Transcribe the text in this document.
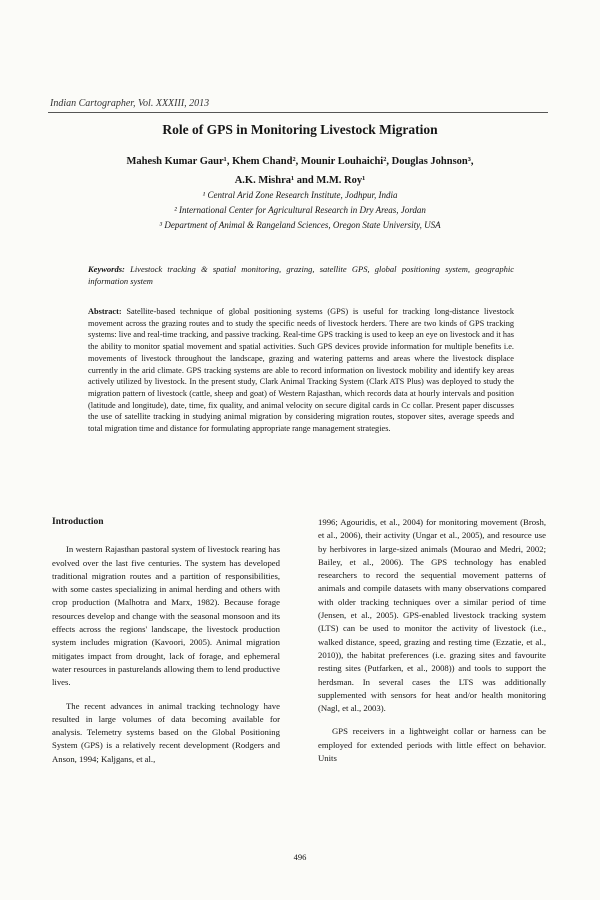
Indian Cartographer, Vol. XXXIII, 2013
Role of GPS in Monitoring Livestock Migration
Mahesh Kumar Gaur¹, Khem Chand², Mounir Louhaichi², Douglas Johnson³,
A.K. Mishra¹ and M.M. Roy¹
¹ Central Arid Zone Research Institute, Jodhpur, India
² International Center for Agricultural Research in Dry Areas, Jordan
³ Department of Animal & Rangeland Sciences, Oregon State University, USA
Keywords: Livestock tracking & spatial monitoring, grazing, satellite GPS, global positioning system, geographic information system
Abstract: Satellite-based technique of global positioning systems (GPS) is useful for tracking long-distance livestock movement across the grazing routes and to study the specific needs of livestock herders. There are two kinds of GPS tracking systems: live and real-time tracking, and passive tracking. Real-time GPS tracking is used to keep an eye on livestock and it has the ability to monitor spatial movement and spatial activities. Such GPS devices provide information for multiple benefits i.e. movements of livestock throughout the landscape, grazing and watering patterns and areas where the livestock displace currently in the arid climate. GPS tracking systems are able to record information on livestock mobility and identify key areas actively utilized by livestock. In the present study, Clark Animal Tracking System (Clark ATS Plus) was deployed to study the migration pattern of livestock (cattle, sheep and goat) of Western Rajasthan, which records data at hourly intervals and position (latitude and longitude), date, time, fix quality, and animal velocity on secure digital cards in Cc collar. Present paper discusses the use of satellite tracking in studying animal migration by considering migration routes, stopover sites, average speeds and total migration time and distance for formulating appropriate range management strategies.
Introduction

In western Rajasthan pastoral system of livestock rearing has evolved over the last five centuries. The system has developed traditional migration routes and a partition of responsibilities, with some castes specializing in animal herding and others with crop production (Malhotra and Marx, 1982). Because forage resources develop and change with the seasonal monsoon and its effects across the regions' landscape, the livestock production system includes migration (Kavoori, 2005). Animal migration mitigates impact from drought, lack of forage, and ephemeral water resources in pasturelands allowing them to lend productive lives.

The recent advances in animal tracking technology have resulted in large volumes of data becoming available for analysis. Telemetry systems based on the Global Positioning System (GPS) is a relatively recent development (Rodgers and Anson, 1994; Kaljgans, et al.,

1996; Agouridis, et al., 2004) for monitoring movement (Brosh, et al., 2006), their activity (Ungar et al., 2005), and resource use by herbivores in large-sized animals (Mourao and Medri, 2002; Bailey, et al., 2006). The GPS technology has enabled researchers to record the sequential movement patterns of animals and compile datasets with many observations compared with older tracking techniques over a similar period of time (Jensen, et al., 2005). GPS-enabled livestock tracking system (LTS) can be used to monitor the activity of livestock (i.e., walked distance, speed, grazing and resting time (Ezzatie, et al., 2010)), the habitat preferences (i.e. grazing sites and favourite resting sites (Putfarken, et al., 2008)) and tools to support the herdsman. In several cases the LTS was additionally supplemented with sensors for heat and/or health monitoring (Nagl, et al., 2003).

GPS receivers in a lightweight collar or harness can be employed for extended periods with little effect on behavior. Units

496
